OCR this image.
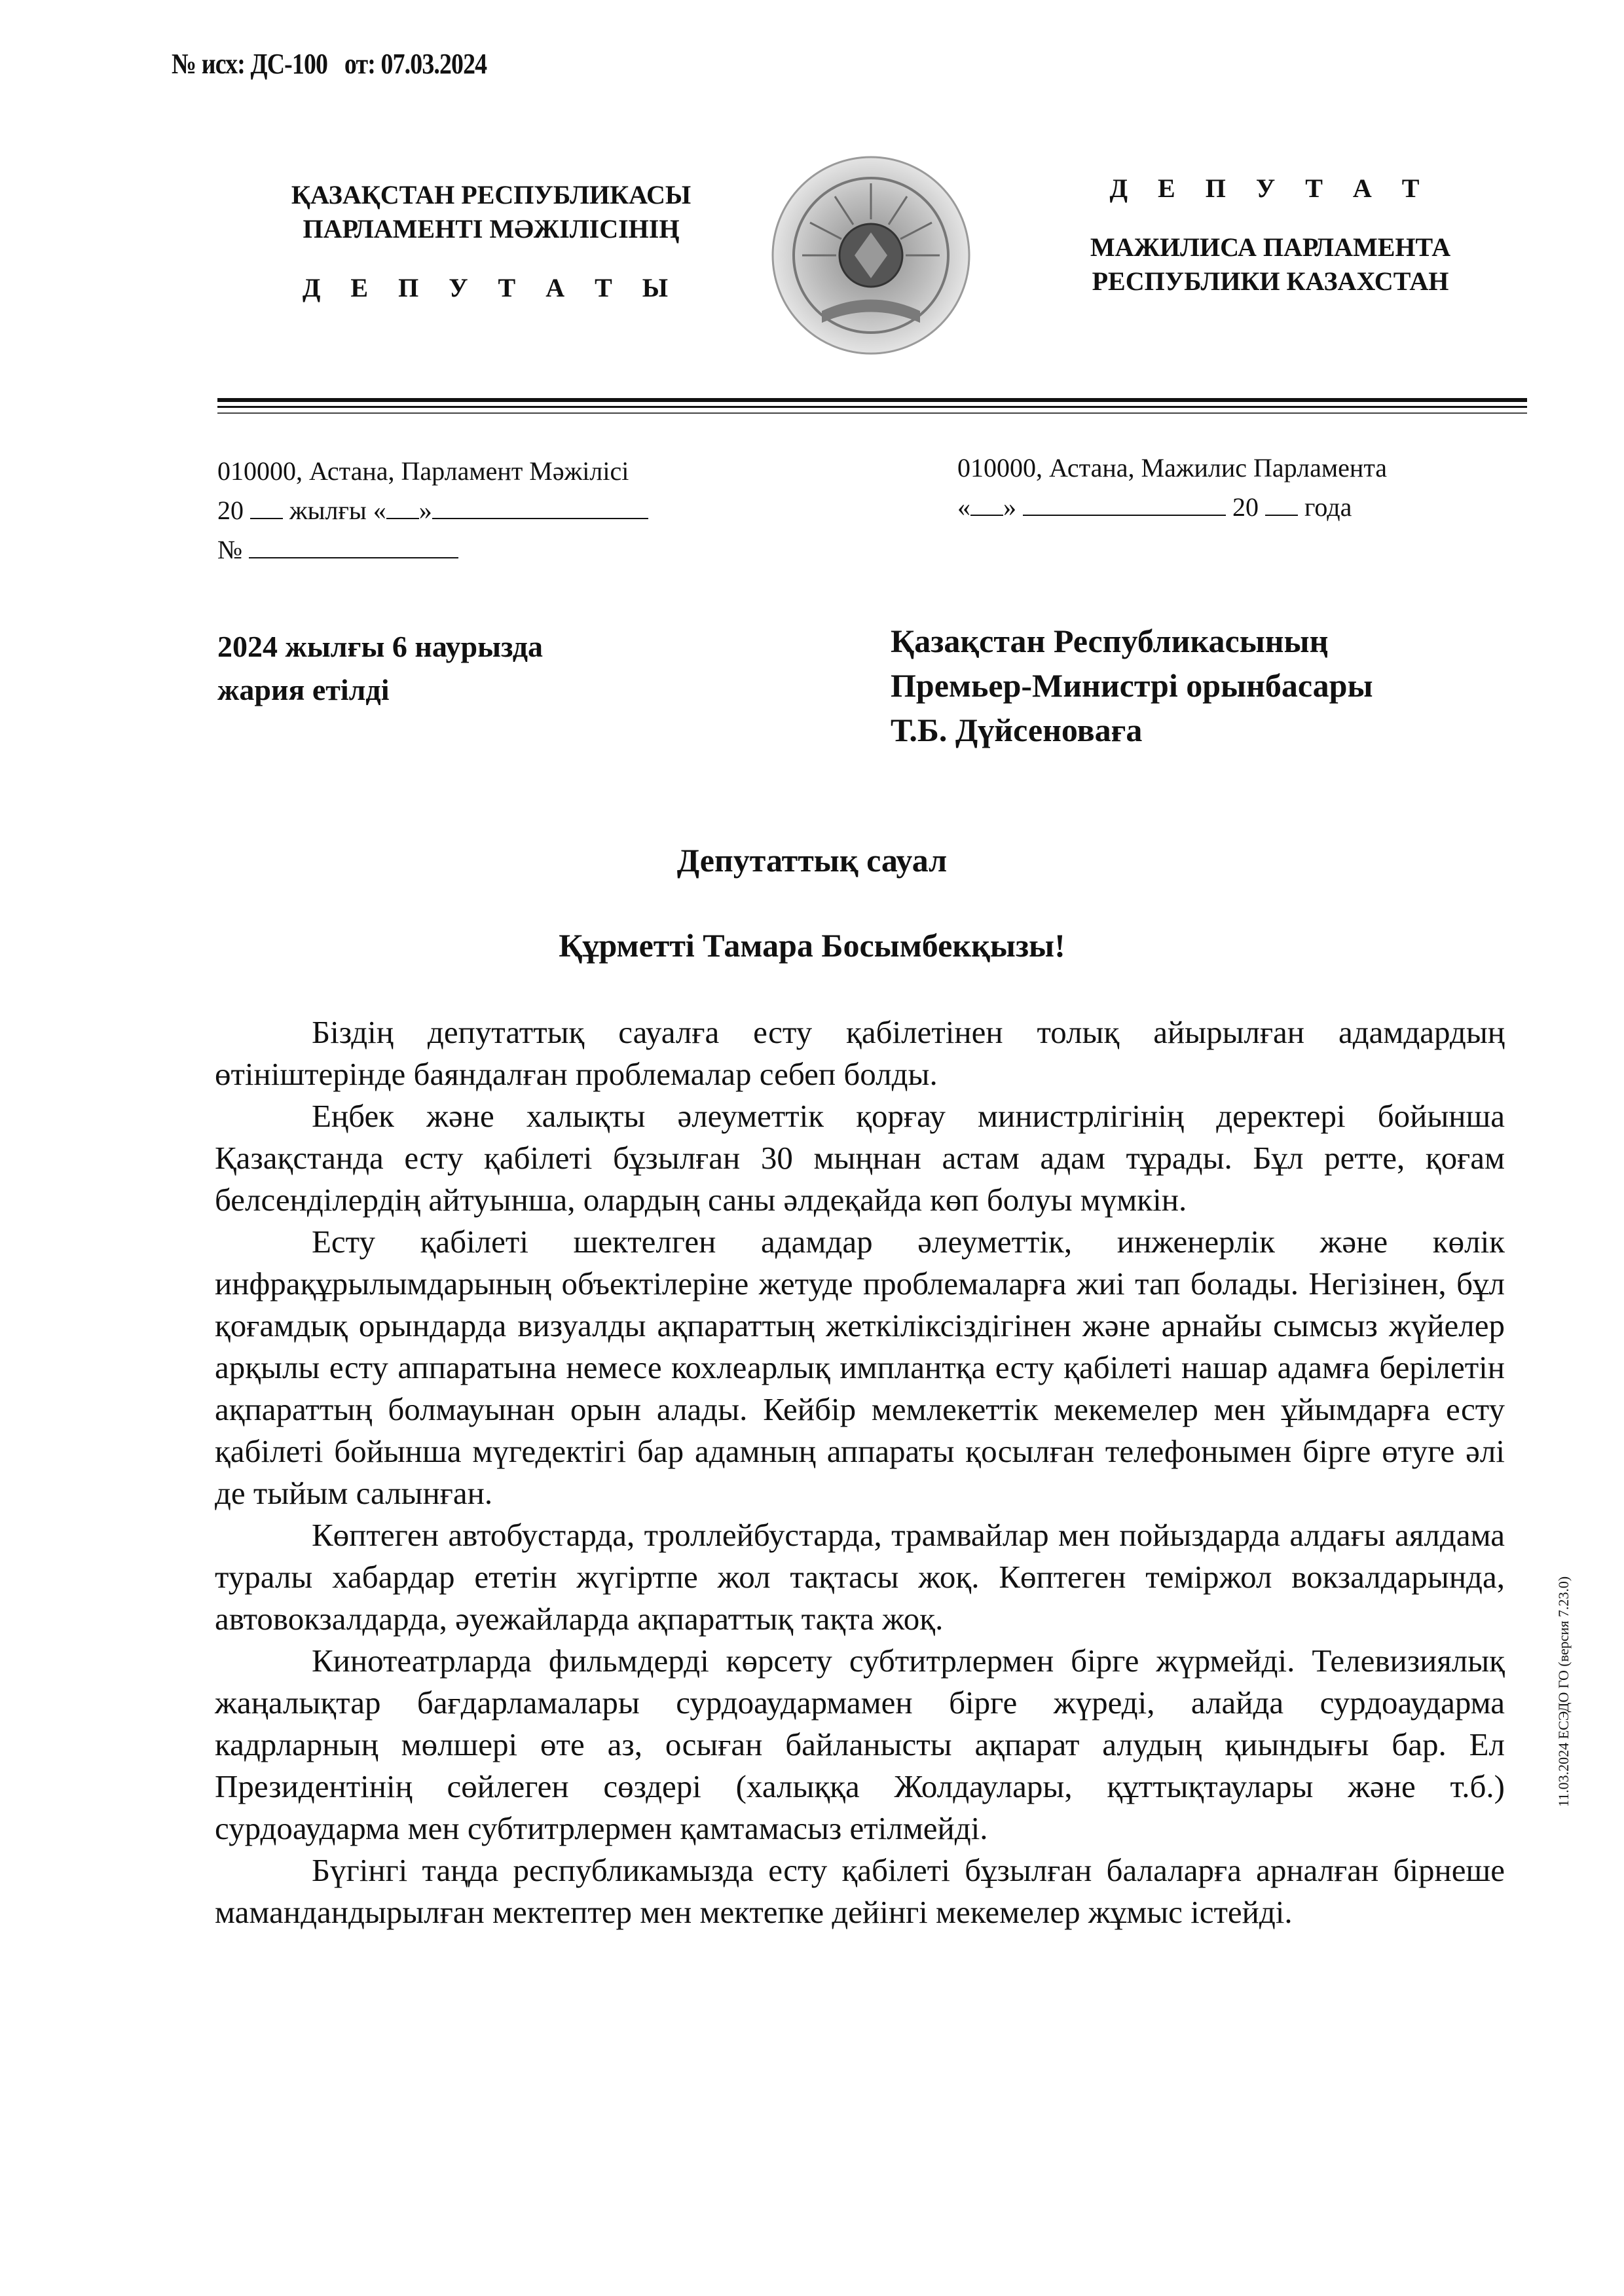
№ исх: ДС-100 от: 07.03.2024
ҚАЗАҚСТАН РЕСПУБЛИКАСЫ
ПАРЛАМЕНТІ МӘЖІЛІСІНІҢ
Д Е П У Т А Т Ы
Д Е П У Т А Т
МАЖИЛИСА ПАРЛАМЕНТА
РЕСПУБЛИКИ КАЗАХСТАН
010000, Астана, Парламент Мәжілісі
20 жылғы « »
№
010000, Астана, Мажилис Парламента
« »	20 года
2024 жылғы 6 наурызда
жария етілді
Қазақстан Республикасының
Премьер-Министрі орынбасары
Т.Б. Дүйсеноваға
Депутаттық сауал
Құрметті Тамара Босымбекқызы!

Біздің депутаттық сауалға есту қабілетінен толық айырылған адамдардың өтініштерінде баяндалған проблемалар себеп болды.

Еңбек және халықты әлеуметтік қорғау министрлігінің деректері бойынша Қазақстанда есту қабілеті бұзылған 30 мыңнан астам адам тұрады. Бұл ретте, қоғам белсенділердің айтуынша, олардың саны әлдеқайда көп болуы мүмкін.

Есту қабілеті шектелген адамдар әлеуметтік, инженерлік және көлік инфрақұрылымдарының объектілеріне жетуде проблемаларға жиі тап болады. Негізінен, бұл қоғамдық орындарда визуалды ақпараттың жеткіліксіздігінен және арнайы сымсыз жүйелер арқылы есту аппаратына немесе кохлеарлық имплантқа есту қабілеті нашар адамға берілетін ақпараттың болмауынан орын алады. Кейбір мемлекеттік мекемелер мен ұйымдарға есту қабілеті бойынша мүгедектігі бар адамның аппараты қосылған телефонымен бірге өтуге әлі де тыйым салынған.

Көптеген автобустарда, троллейбустарда, трамвайлар мен пойыздарда алдағы аялдама туралы хабардар ететін жүгіртпе жол тақтасы жоқ. Көптеген теміржол вокзалдарында, автовокзалдарда, әуежайларда ақпараттық тақта жоқ.

Кинотеатрларда фильмдерді көрсету субтитрлермен бірге жүрмейді. Телевизиялық жаңалықтар бағдарламалары сурдоаудармамен бірге жүреді, алайда сурдоаударма кадрларның мөлшері өте аз, осыған байланысты ақпарат алудың қиындығы бар. Ел Президентінің сөйлеген сөздері (халыққа Жолдаулары, құттықтаулары және т.б.) сурдоаударма мен субтитрлермен қамтамасыз етілмейді.

Бүгінгі таңда республикамызда есту қабілеті бұзылған балаларға арналған бірнеше мамандандырылған мектептер мен мектепке дейінгі мекемелер жұмыс істейді.

11.03.2024 ЕСЭДО ГО (версия 7.23.0)
